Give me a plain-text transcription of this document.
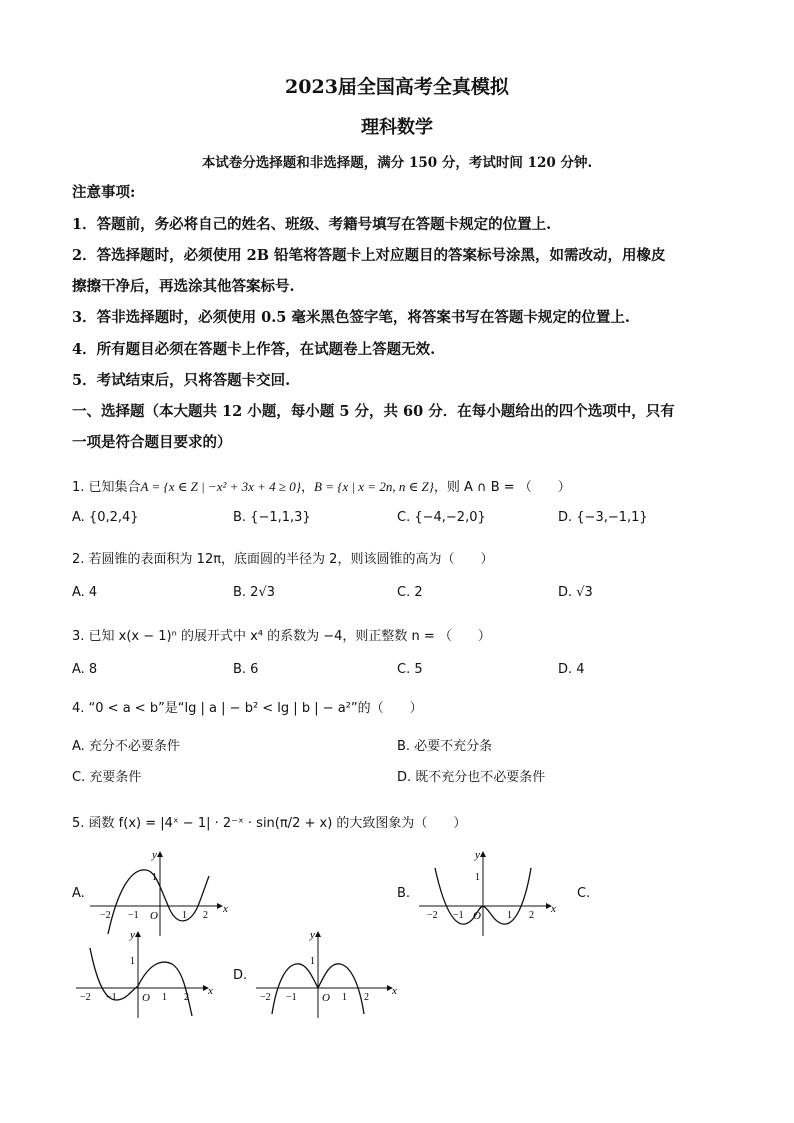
2023届全国高考全真模拟
理科数学
本试卷分选择题和非选择题，满分 150 分，考试时间 120 分钟.
注意事项:
1．答题前，务必将自己的姓名、班级、考籍号填写在答题卡规定的位置上.
2．答选择题时，必须使用 2B 铅笔将答题卡上对应题目的答案标号涂黑，如需改动，用橡皮
擦擦干净后，再选涂其他答案标号.
3．答非选择题时，必须使用 0.5 毫米黑色签字笔，将答案书写在答题卡规定的位置上.
4．所有题目必须在答题卡上作答，在试题卷上答题无效.
5．考试结束后，只将答题卡交回.
一、选择题（本大题共 12 小题，每小题 5 分，共 60 分．在每小题给出的四个选项中，只有
一项是符合题目要求的）
1. 已知集合A = {x ∈ Z | −x² + 3x + 4 ≥ 0}，B = {x | x = 2n, n ∈ Z}，则 A ∩ B = （　　）
A. {0,2,4}	B. {−1,1,3}	C. {−4,−2,0}	D. {−3,−1,1}
2. 若圆锥的表面积为 12π，底面圆的半径为 2，则该圆锥的高为（　　）
A. 4	B. 2√3	C. 2	D. √3
3. 已知 x(x − 1)ⁿ 的展开式中 x⁴ 的系数为 −4，则正整数 n = （　　）
A. 8	B. 6	C. 5	D. 4
4. “0 < a < b”是“lg | a | − b² < lg | b | − a²”的（　　）
A. 充分不必要条件	B. 必要不充分条
C. 充要条件	D. 既不充分也不必要条件
5. 函数 f(x) = |4ˣ − 1| · 2⁻ˣ · sin(π/2 + x) 的大致图象为（　　）
A.	B.	C.
D.
y
x
O
1
−2 −1	1 2
y
x
O
1
−2 −1	1 2
y
x
O
1
−2 −1	1 2
y
x
O
1
−2 −1	1 2
